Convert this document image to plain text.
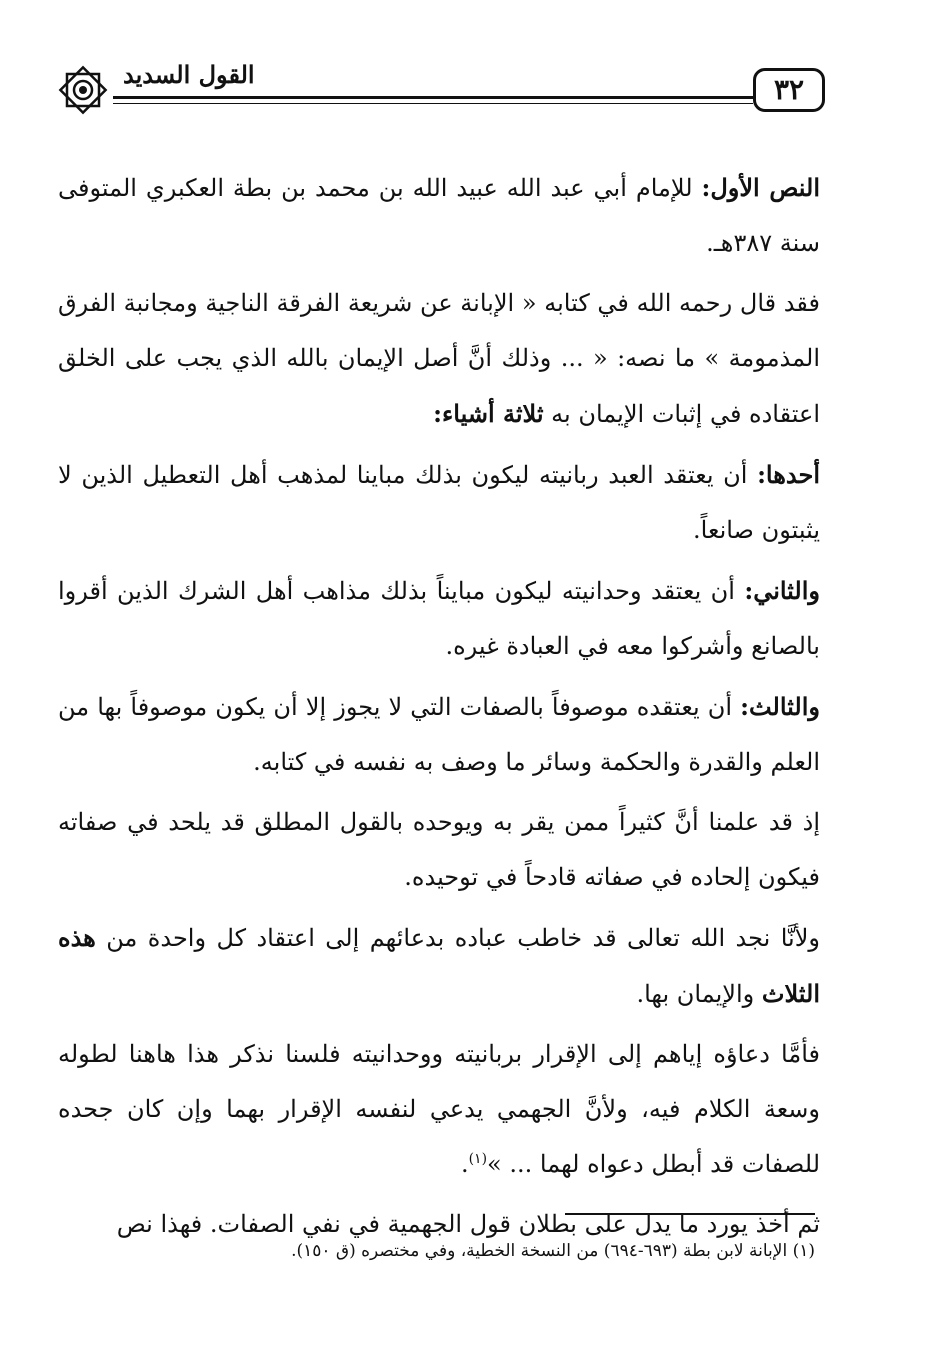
٣٢
القول السديد

النص الأول: للإمام أبي عبد الله عبيد الله بن محمد بن بطة العكبري المتوفى سنة ٣٨٧هـ.

فقد قال رحمه الله في كتابه « الإبانة عن شريعة الفرقة الناجية ومجانبة الفرق المذمومة » ما نصه: « ... وذلك أنَّ أصل الإيمان بالله الذي يجب على الخلق اعتقاده في إثبات الإيمان به ثلاثة أشياء:

أحدها: أن يعتقد العبد ربانيته ليكون بذلك مباينا لمذهب أهل التعطيل الذين لا يثبتون صانعاً.

والثاني: أن يعتقد وحدانيته ليكون مبايناً بذلك مذاهب أهل الشرك الذين أقروا بالصانع وأشركوا معه في العبادة غيره.

والثالث: أن يعتقده موصوفاً بالصفات التي لا يجوز إلا أن يكون موصوفاً بها من العلم والقدرة والحكمة وسائر ما وصف به نفسه في كتابه.

إذ قد علمنا أنَّ كثيراً ممن يقر به ويوحده بالقول المطلق قد يلحد في صفاته فيكون إلحاده في صفاته قادحاً في توحيده.

ولأنَّا نجد الله تعالى قد خاطب عباده بدعائهم إلى اعتقاد كل واحدة من هذه الثلاث والإيمان بها.

فأمَّا دعاؤه إياهم إلى الإقرار بربانيته ووحدانيته فلسنا نذكر هذا هاهنا لطوله وسعة الكلام فيه، ولأنَّ الجهمي يدعي لنفسه الإقرار بهما وإن كان جحده للصفات قد أبطل دعواه لهما ... »$^{(١)}$.

ثم أخذ يورد ما يدل على بطلان قول الجهمية في نفي الصفات. فهذا نص

(١) الإبانة لابن بطة (٦٩٣-٦٩٤) من النسخة الخطية، وفي مختصره (ق ١٥٠).
